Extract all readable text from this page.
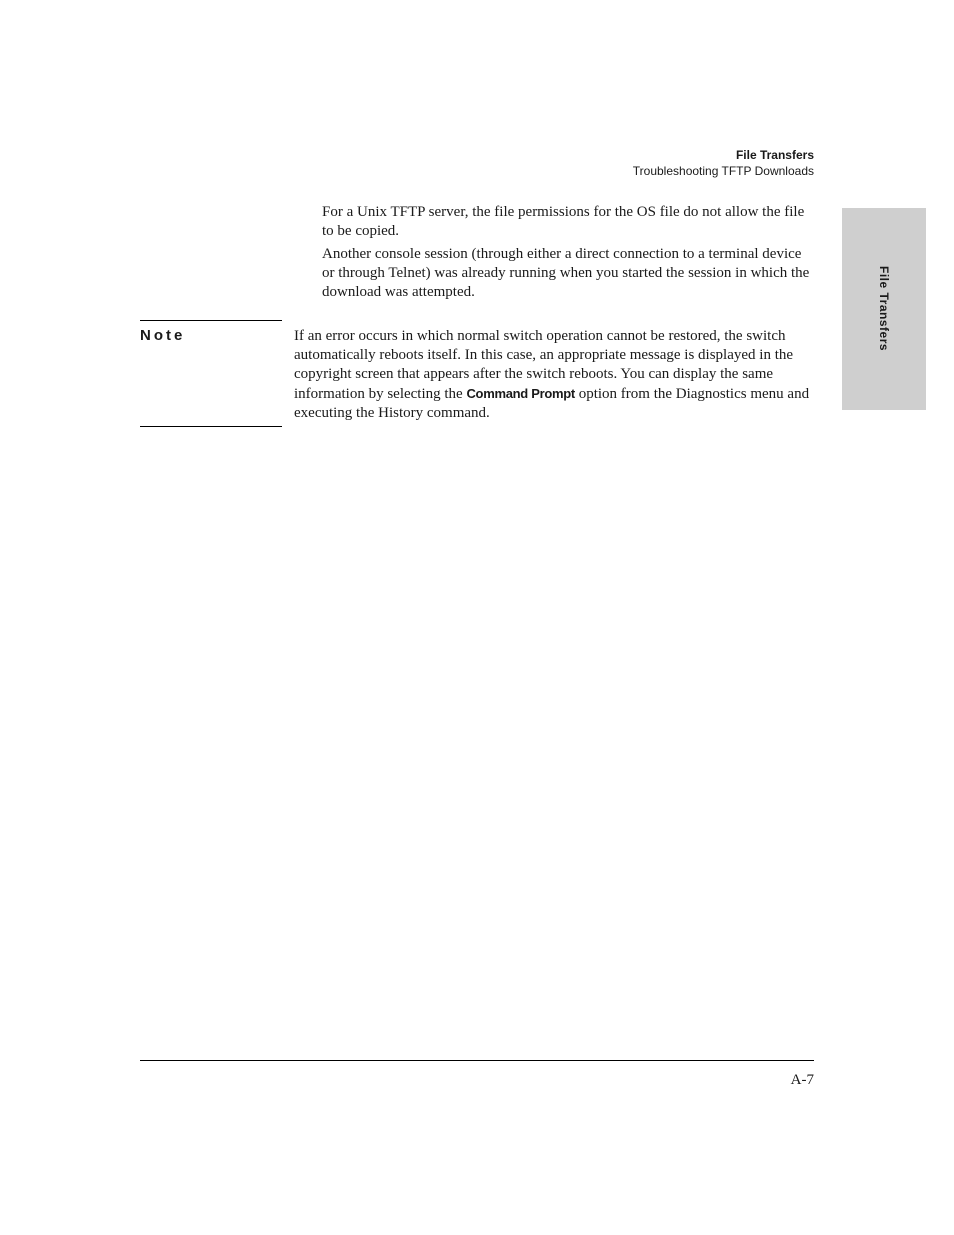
File Transfers
Troubleshooting TFTP Downloads
File Transfers

For a Unix TFTP server, the file permissions for the OS file do not allow the file to be copied.

Another console session (through either a direct connection to a terminal device or through Telnet) was already running when you started the session in which the download was attempted.

Note	If an error occurs in which normal switch operation cannot be restored, the switch automatically reboots itself. In this case, an appropriate message is displayed in the copyright screen that appears after the switch reboots. You can display the same information by selecting the Command Prompt option from the Diagnostics menu and executing the History command.

A-7
